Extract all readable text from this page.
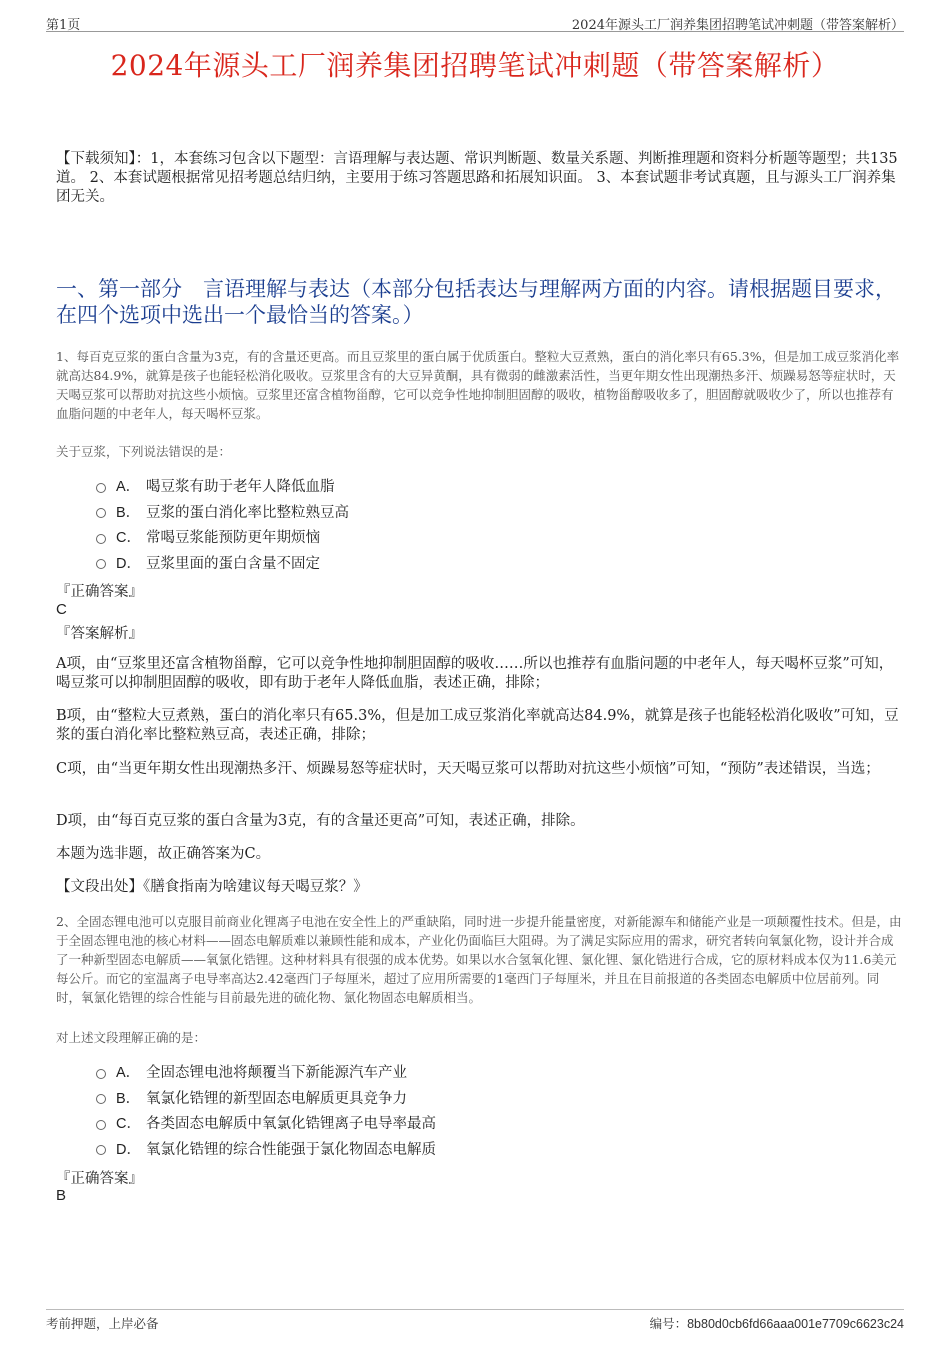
第1页	2024年源头工厂润养集团招聘笔试冲刺题（带答案解析）
2024年源头工厂润养集团招聘笔试冲刺题（带答案解析）
【下载须知】：1，本套练习包含以下题型：言语理解与表达题、常识判断题、数量关系题、判断推理题和资料分析题等题型；共135道。 2、本套试题根据常见招考题总结归纳，主要用于练习答题思路和拓展知识面。 3、本套试题非考试真题，且与源头工厂润养集团无关。
一、第一部分　言语理解与表达（本部分包括表达与理解两方面的内容。请根据题目要求，在四个选项中选出一个最恰当的答案。）
1、每百克豆浆的蛋白含量为3克，有的含量还更高。而且豆浆里的蛋白属于优质蛋白。整粒大豆煮熟，蛋白的消化率只有65.3%，但是加工成豆浆消化率就高达84.9%，就算是孩子也能轻松消化吸收。豆浆里含有的大豆异黄酮，具有微弱的雌激素活性，当更年期女性出现潮热多汗、烦躁易怒等症状时，天天喝豆浆可以帮助对抗这些小烦恼。豆浆里还富含植物甾醇，它可以竞争性地抑制胆固醇的吸收，植物甾醇吸收多了，胆固醇就吸收少了，所以也推荐有血脂问题的中老年人，每天喝杯豆浆。
关于豆浆，下列说法错误的是：
A． 喝豆浆有助于老年人降低血脂
B． 豆浆的蛋白消化率比整粒熟豆高
C． 常喝豆浆能预防更年期烦恼
D． 豆浆里面的蛋白含量不固定
『正确答案』
C
『答案解析』
A项，由“豆浆里还富含植物甾醇，它可以竞争性地抑制胆固醇的吸收……所以也推荐有血脂问题的中老年人，每天喝杯豆浆”可知，喝豆浆可以抑制胆固醇的吸收，即有助于老年人降低血脂，表述正确，排除；
B项，由“整粒大豆煮熟，蛋白的消化率只有65.3%，但是加工成豆浆消化率就高达84.9%，就算是孩子也能轻松消化吸收”可知，豆浆的蛋白消化率比整粒熟豆高，表述正确，排除；
C项，由“当更年期女性出现潮热多汗、烦躁易怒等症状时，天天喝豆浆可以帮助对抗这些小烦恼”可知，“预防”表述错误，当选；
D项，由“每百克豆浆的蛋白含量为3克，有的含量还更高”可知，表述正确，排除。
本题为选非题，故正确答案为C。
【文段出处】《膳食指南为啥建议每天喝豆浆？》
2、全固态锂电池可以克服目前商业化锂离子电池在安全性上的严重缺陷，同时进一步提升能量密度，对新能源车和储能产业是一项颠覆性技术。但是，由于全固态锂电池的核心材料——固态电解质难以兼顾性能和成本，产业化仍面临巨大阻碍。为了满足实际应用的需求，研究者转向氧氯化物，设计并合成了一种新型固态电解质——氧氯化锆锂。这种材料具有很强的成本优势。如果以水合氢氧化锂、氯化锂、氯化锆进行合成，它的原材料成本仅为11.6美元每公斤。而它的室温离子电导率高达2.42毫西门子每厘米，超过了应用所需要的1毫西门子每厘米，并且在目前报道的各类固态电解质中位居前列。同时，氧氯化锆锂的综合性能与目前最先进的硫化物、氯化物固态电解质相当。
对上述文段理解正确的是：
A． 全固态锂电池将颠覆当下新能源汽车产业
B． 氧氯化锆锂的新型固态电解质更具竞争力
C． 各类固态电解质中氧氯化锆锂离子电导率最高
D． 氧氯化锆锂的综合性能强于氯化物固态电解质
『正确答案』
B
考前押题，上岸必备	编号：8b80d0cb6fd66aaa001e7709c6623c24
